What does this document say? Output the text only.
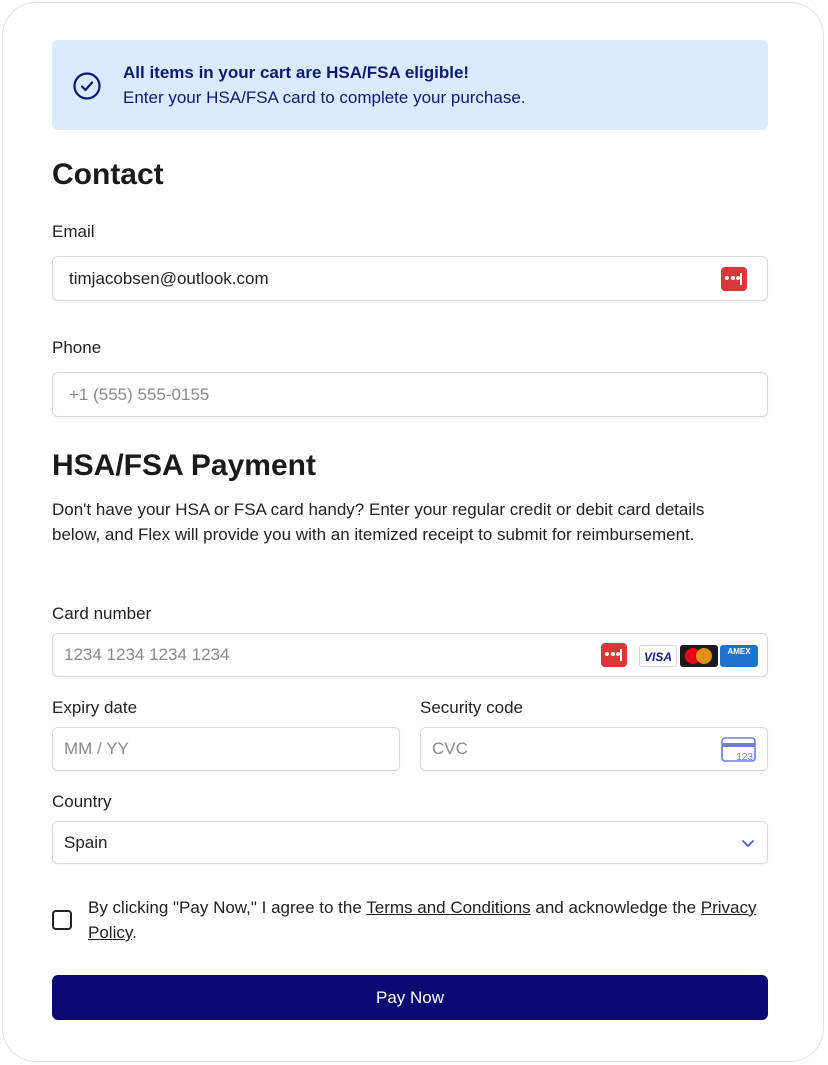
All items in your cart are HSA/FSA eligible!
Enter your HSA/FSA card to complete your purchase.
Contact
Email
timjacobsen@outlook.com
Phone
+1 (555) 555-0155
HSA/FSA Payment
Don't have your HSA or FSA card handy? Enter your regular credit or debit card details below, and Flex will provide you with an itemized receipt to submit for reimbursement.
Card number
1234 1234 1234 1234	VISA	AMEX
Expiry date
MM / YY
Security code
CVC	123
Country
Spain
By clicking "Pay Now," I agree to the Terms and Conditions and acknowledge the Privacy Policy.
Pay Now
